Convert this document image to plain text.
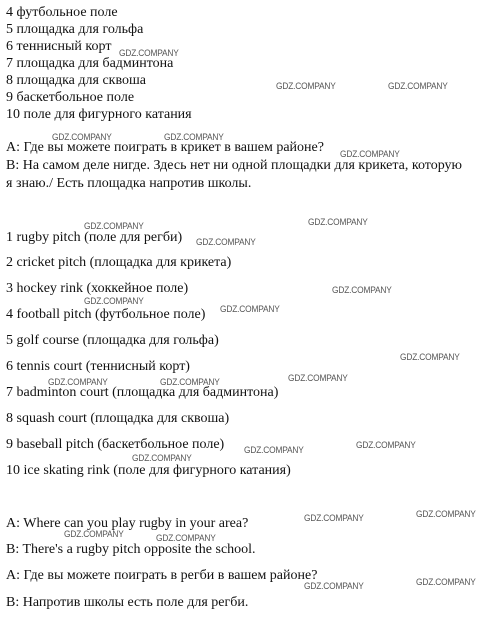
4 футбольное поле
5 площадка для гольфа
6 теннисный корт
7 площадка для бадминтона
8 площадка для сквоша
9 баскетбольное поле
10 поле для фигурного катания
A: Где вы можете поиграть в крикет в вашем районе?
B: На самом деле нигде. Здесь нет ни одной площадки для крикета, которую
я знаю./ Есть площадка напротив школы.
1 rugby pitch (поле для регби)
2 cricket pitch (площадка для крикета)
3 hockey rink (хоккейное поле)
4 football pitch (футбольное поле)
5 golf course (площадка для гольфа)
6 tennis court (теннисный корт)
7 badminton court (площадка для бадминтона)
8 squash court (площадка для сквоша)
9 baseball pitch (баскетбольное поле)
10 ice skating rink (поле для фигурного катания)
A: Where can you play rugby in your area?
B: There's a rugby pitch opposite the school.
A: Где вы можете поиграть в регби в вашем районе?
B: Напротив школы есть поле для регби.
GDZ.COMPANY
GDZ.COMPANY	GDZ.COMPANY
GDZ.COMPANY	GDZ.COMPANY
GDZ.COMPANY
GDZ.COMPANY	GDZ.COMPANY
GDZ.COMPANY
GDZ.COMPANY
GDZ.COMPANY
GDZ.COMPANY
GDZ.COMPANY
GDZ.COMPANY
GDZ.COMPANY	GDZ.COMPANY
GDZ.COMPANY
GDZ.COMPANY
GDZ.COMPANY
GDZ.COMPANY
GDZ.COMPANY
GDZ.COMPANY	GDZ.COMPANY
GDZ.COMPANY	GDZ.COMPANY
